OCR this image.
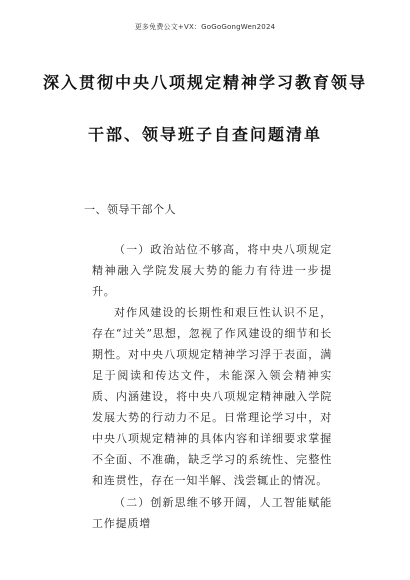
更多免费公文+VX：GoGoGongWen2024
深入贯彻中央八项规定精神学习教育领导
干部、领导班子自查问题清单
一、领导干部个人
（一）政治站位不够高，将中央八项规定精神融入学院发展大势的能力有待进一步提升。
对作风建设的长期性和艰巨性认识不足，存在“过关”思想，忽视了作风建设的细节和长期性。对中央八项规定精神学习浮于表面，满足于阅读和传达文件，未能深入领会精神实质、内涵建设，将中央八项规定精神融入学院发展大势的行动力不足。日常理论学习中，对中央八项规定精神的具体内容和详细要求掌握不全面、不准确，缺乏学习的系统性、完整性和连贯性，存在一知半解、浅尝辄止的情况。
（二）创新思维不够开阔，人工智能赋能工作提质增
